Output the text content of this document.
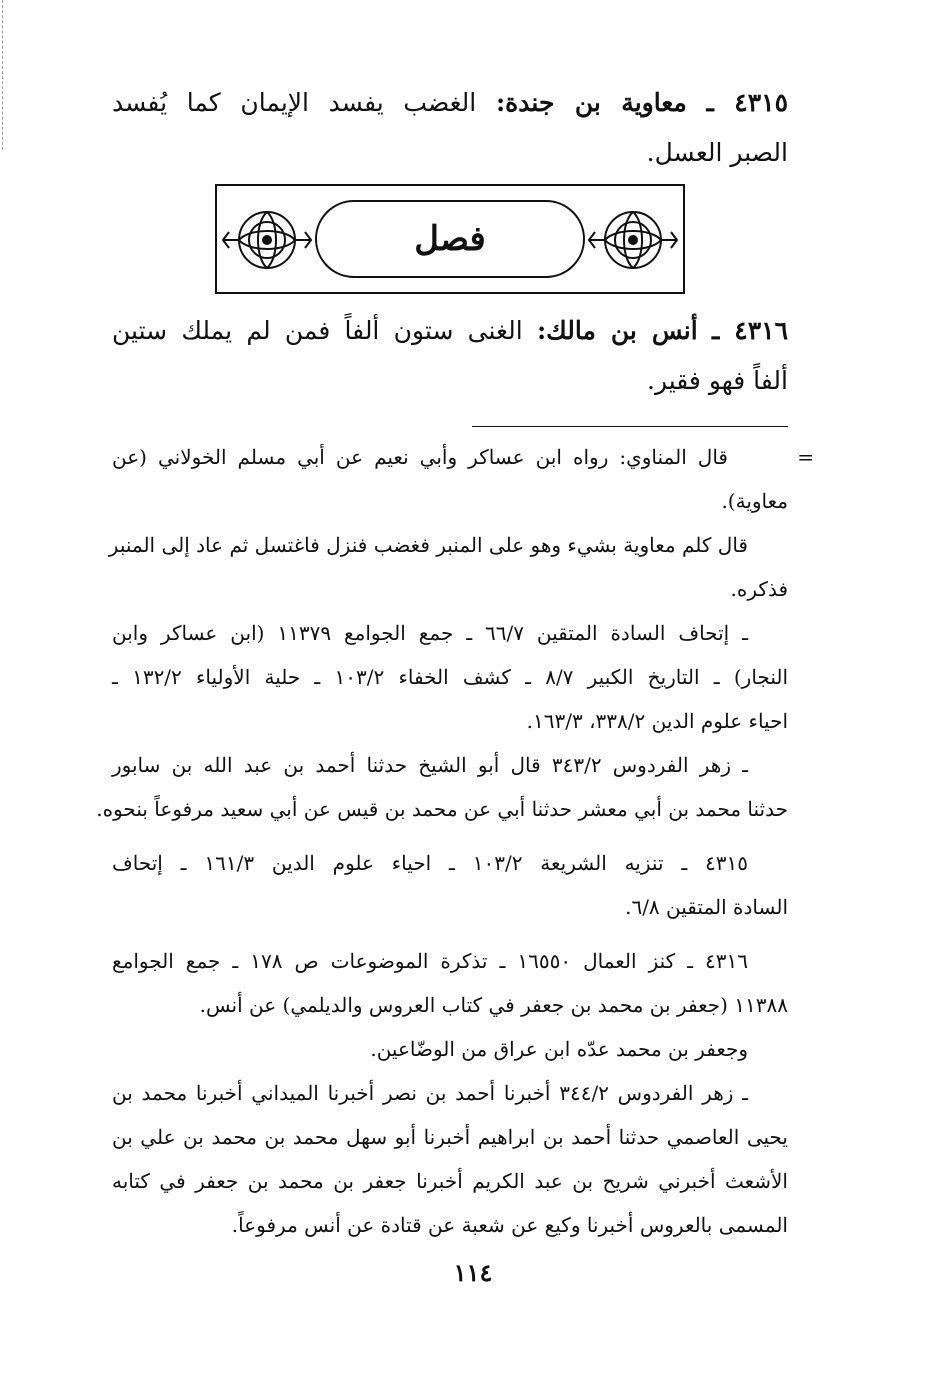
٤٣١٥ ـ معاوية بن جندة: الغضب يفسد الإيمان كما يُفسد
الصبر العسل.
فصل
٤٣١٦ ـ أنس بن مالك: الغنى ستون ألفاً فمن لم يملك ستين
ألفاً فهو فقير.
=
قال المناوي: رواه ابن عساكر وأبي نعيم عن أبي مسلم الخولاني (عن
معاوية).
قال كلم معاوية بشيء وهو على المنبر فغضب فنزل فاغتسل ثم عاد إلى المنبر
فذكره.
ـ إتحاف السادة المتقين ٦٦/٧ ـ جمع الجوامع ١١٣٧٩ (ابن عساكر وابن
النجار) ـ التاريخ الكبير ٨/٧ ـ كشف الخفاء ١٠٣/٢ ـ حلية الأولياء ١٣٢/٢ ـ
احياء علوم الدين ٣٣٨/٢، ١٦٣/٣.
ـ زهر الفردوس ٣٤٣/٢ قال أبو الشيخ حدثنا أحمد بن عبد الله بن سابور
حدثنا محمد بن أبي معشر حدثنا أبي عن محمد بن قيس عن أبي سعيد مرفوعاً بنحوه.
٤٣١٥ ـ تنزيه الشريعة ١٠٣/٢ ـ احياء علوم الدين ١٦١/٣ ـ إتحاف
السادة المتقين ٦/٨.
٤٣١٦ ـ كنز العمال ١٦٥٥٠ ـ تذكرة الموضوعات ص ١٧٨ ـ جمع الجوامع
١١٣٨٨ (جعفر بن محمد بن جعفر في كتاب العروس والديلمي) عن أنس.
وجعفر بن محمد عدّه ابن عراق من الوضّاعين.
ـ زهر الفردوس ٣٤٤/٢ أخبرنا أحمد بن نصر أخبرنا الميداني أخبرنا محمد بن
يحيى العاصمي حدثنا أحمد بن ابراهيم أخبرنا أبو سهل محمد بن محمد بن علي بن
الأشعث أخبرني شريح بن عبد الكريم أخبرنا جعفر بن محمد بن جعفر في كتابه
المسمى بالعروس أخبرنا وكيع عن شعبة عن قتادة عن أنس مرفوعاً.
١١٤
